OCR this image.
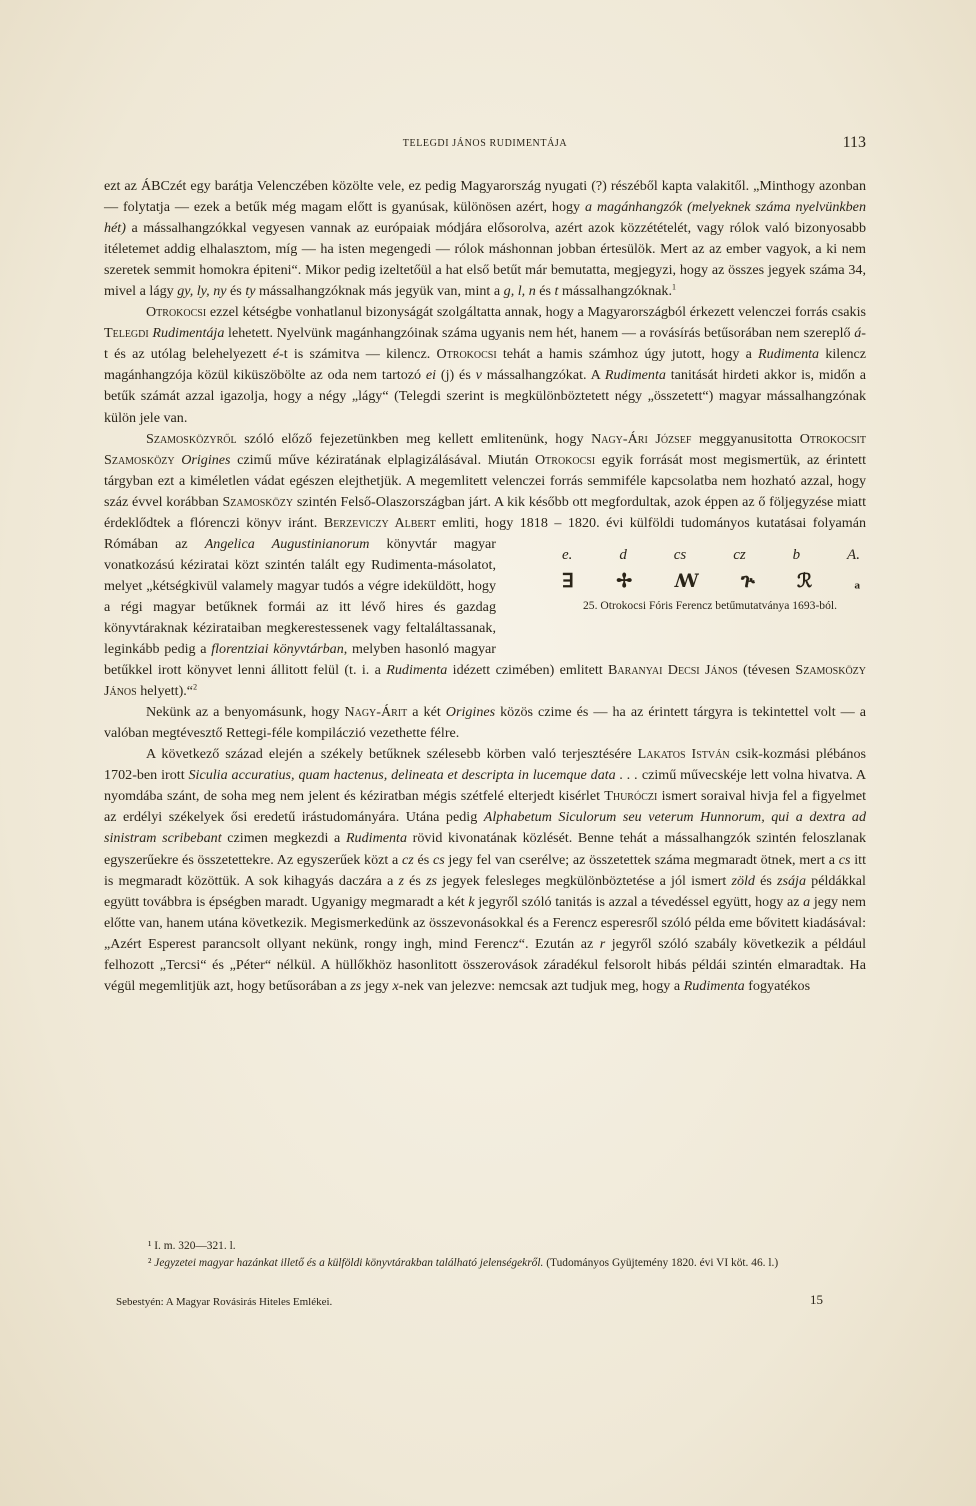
TELEGDI JÁNOS RUDIMENTÁJA	113

ezt az ÁBCzét egy barátja Velenczében közölte vele, ez pedig Magyarország nyugati (?) részéből kapta valakitől. „Minthogy azonban — folytatja — ezek a betűk még magam előtt is gyanúsak, különösen azért, hogy a magánhangzók (melyeknek száma nyelvünkben hét) a mássalhangzókkal vegyesen vannak az európaiak módjára elősorolva, azért azok közzétételét, vagy rólok való bizonyosabb itéletemet addig elhalasztom, míg — ha isten megengedi — rólok máshonnan jobban értesülök. Mert az az ember vagyok, a ki nem szeretek semmit homokra épiteni“. Mikor pedig izeltetőül a hat első betűt már bemutatta, megjegyzi, hogy az összes jegyek száma 34, mivel a lágy gy, ly, ny és ty mássalhangzóknak más jegyük van, mint a g, l, n és t mássalhangzóknak.$^1$

Otrokocsi ezzel kétségbe vonhatlanul bizonyságát szolgáltatta annak, hogy a Magyarországból érkezett velenczei forrás csakis Telegdi Rudimentája lehetett. Nyelvünk magánhangzóinak száma ugyanis nem hét, hanem — a rovásírás betűsorában nem szereplő á-t és az utólag belehelyezett é-t is számitva — kilencz. Otrokocsi tehát a hamis számhoz úgy jutott, hogy a Rudimenta kilencz magánhangzója közül kiküszöbölte az oda nem tartozó ei (j) és v mássalhangzókat. A Rudimenta tanitását hirdeti akkor is, midőn a betűk számát azzal igazolja, hogy a négy „lágy“ (Telegdi szerint is megkülönböztetett négy „összetett“) magyar mássalhangzónak külön jele van.

Szamosközyről szóló előző fejezetünkben meg kellett emlitenünk, hogy Nagy-Ári József meggyanusitotta Otrokocsit Szamosközy Origines czimű műve kéziratának elplagizálásával. Miután Otrokocsi egyik forrását most megismertük, az érintett tárgyban ezt a kiméletlen vádat egészen elejthetjük. A megemlitett velenczei forrás semmiféle kapcsolatba nem hozható azzal, hogy száz évvel korábban Szamosközy szintén Felső-Olaszországban járt. A kik később ott megfordultak, azok éppen az ő följegyzése miatt érdeklődtek a flórenczi könyv iránt. Berzeviczy Albert emliti, hogy 1818 – 1820. évi külföldi tudományos kutatásai folyamán Rómában az
e.	d	cs	cz	b	A.
ꓱ	✢	ꟿ	ጕ	ℛ	ₐ
25. Otrokocsi Fóris Ferencz betűmutatványa 1693-ból.
Angelica Augustinianorum könyvtár magyar vonatkozású kéziratai közt szintén talált egy Rudimenta-másolatot, melyet „kétségkivül valamely magyar tudós a végre ideküldött, hogy a régi magyar betűknek formái az itt lévő hires és gazdag könyvtáraknak kézirataiban megkerestessenek vagy feltaláltassanak, leginkább pedig a florentziai könyvtárban, melyben hasonló magyar betűkkel irott könyvet lenni állitott felül (t. i. a Rudimenta idézett czimében) emlitett Baranyai Decsi János (tévesen Szamosközy János helyett).“$^2$

Nekünk az a benyomásunk, hogy Nagy-Árit a két Origines közös czime és — ha az érintett tárgyra is tekintettel volt — a valóban megtévesztő Rettegi-féle kompiláczió vezethette félre.

A következő század elején a székely betűknek szélesebb körben való terjesztésére Lakatos István csik-kozmási plébános 1702-ben irott Siculia accuratius, quam hactenus, delineata et descripta in lucemque data . . . czimű művecskéje lett volna hivatva. A nyomdába szánt, de soha meg nem jelent és kéziratban mégis szétfelé elterjedt kisérlet Thuróczi ismert soraival hivja fel a figyelmet az erdélyi székelyek ősi eredetű irástudományára. Utána pedig Alphabetum Siculorum seu veterum Hunnorum, qui a dextra ad sinistram scribebant czimen megkezdi a Rudimenta rövid kivonatának közlését. Benne tehát a mássalhangzók szintén feloszlanak egyszerűekre és összetettekre. Az egyszerűek közt a cz és cs jegy fel van cserélve; az összetettek száma megmaradt ötnek, mert a cs itt is megmaradt közöttük. A sok kihagyás daczára a z és zs jegyek felesleges megkülönböztetése a jól ismert zöld és zsája példákkal együtt továbbra is épségben maradt. Ugyanigy megmaradt a két k jegyről szóló tanitás is azzal a tévedéssel együtt, hogy az a jegy nem előtte van, hanem utána következik. Megismerkedünk az összevonásokkal és a Ferencz esperesről szóló példa eme bővitett kiadásával: „Azért Esperest parancsolt ollyant nekünk, rongy ingh, mind Ferencz“. Ezután az r jegyről szóló szabály következik a például felhozott „Tercsi“ és „Péter“ nélkül. A hüllőkhöz hasonlitott összerovások záradékul felsorolt hibás példái szintén elmaradtak. Ha végül megemlitjük azt, hogy betűsorában a zs jegy x-nek van jelezve: nemcsak azt tudjuk meg, hogy a Rudimenta fogyatékos

¹ I. m. 320—321. l.

² Jegyzetei magyar hazánkat illető és a külföldi könyvtárakban található jelenségekről. (Tudományos Gyüjtemény 1820. évi VI köt. 46. l.)

Sebestyén: A Magyar Rovásirás Hiteles Emlékei.	15
